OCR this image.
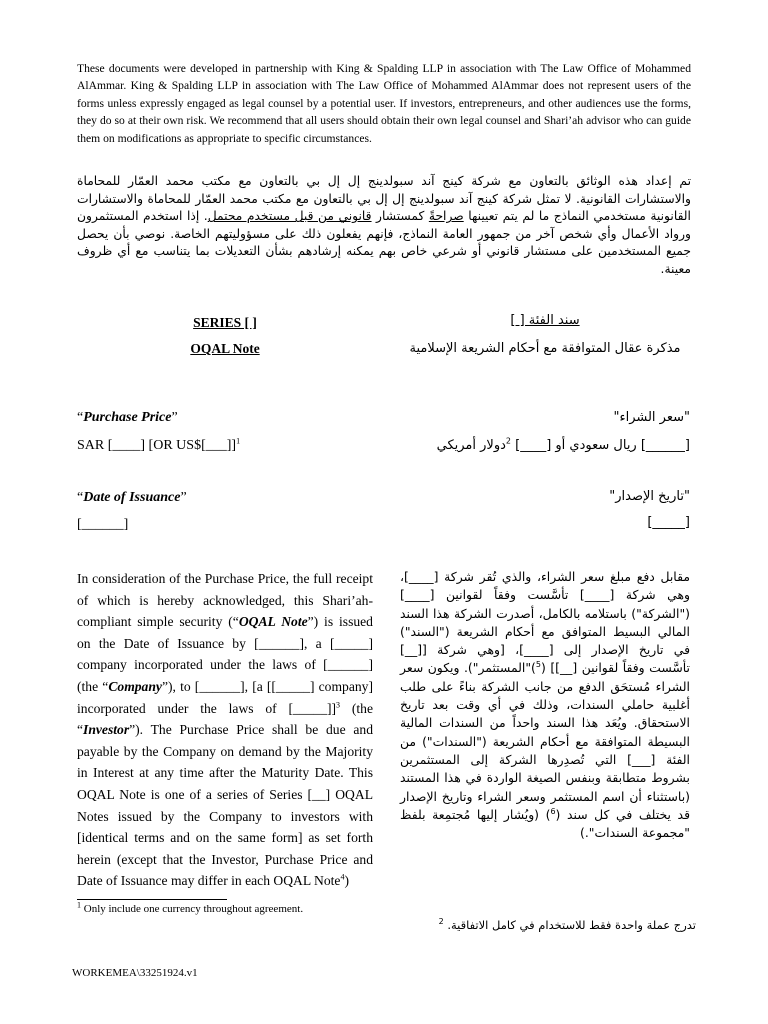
These documents were developed in partnership with King & Spalding LLP in association with The Law Office of Mohammed AlAmmar. King & Spalding LLP in association with The Law Office of Mohammed AlAmmar does not represent users of the forms unless expressly engaged as legal counsel by a potential user. If investors, entrepreneurs, and other audiences use the forms, they do so at their own risk. We recommend that all users should obtain their own legal counsel and Shari’ah advisor who can guide them on modifications as appropriate to specific circumstances.
تم إعداد هذه الوثائق بالتعاون مع شركة كينج آند سبولدينج إل إل بي بالتعاون مع مكتب محمد العمّار للمحاماة والاستشارات القانونية. لا تمثل شركة كينج آند سبولدينج إل إل بي بالتعاون مع مكتب محمد العمّار للمحاماة والاستشارات القانونية مستخدمي النماذج ما لم يتم تعيينها صراحةً كمستشار قانوني من قبل مستخدم محتمل. إذا استخدم المستثمرون ورواد الأعمال وأي شخص آخر من جمهور العامة النماذج، فإنهم يفعلون ذلك على مسؤوليتهم الخاصة. نوصي بأن يحصل جميع المستخدمين على مستشار قانوني أو شرعي خاص بهم يمكنه إرشادهم بشأن التعديلات بما يتناسب مع أي ظروف معينة.
SERIES [ ]
OQAL Note
سند الفئة [ ]
مذكرة عقال المتوافقة مع أحكام الشريعة الإسلامية
“Purchase Price”
SAR [____] [OR US$[___]]$^1$
"سعر الشراء"
[______] ريال سعودي أو [____] $^2$دولار أمريكي
“Date of Issuance”
[______]
"تاريخ الإصدار"
[_____]
In consideration of the Purchase Price, the full receipt of which is hereby acknowledged, this Shari’ah-compliant simple security (“OQAL Note”) is issued on the Date of Issuance by [______], a [_____] company incorporated under the laws of [______] (the “Company”), to [______], [a [[_____] company] incorporated under the laws of [_____]]$^3$ (the “Investor”). The Purchase Price shall be due and payable by the Company on demand by the Majority in Interest at any time after the Maturity Date. This OQAL Note is one of a series of Series [__] OQAL Notes issued by the Company to investors with [identical terms and on the same form] as set forth herein (except that the Investor, Purchase Price and Date of Issuance may differ in each OQAL Note$^4$)
مقابل دفع مبلغ سعر الشراء، والذي تُقر شركة [____]، وهي شركة [____] تأسَّست وفقاً لقوانين [____] ("الشركة") باستلامه بالكامل، أصدرت الشركة هذا السند المالي البسيط المتوافق مع أحكام الشريعة ("السند") في تاريخ الإصدار إلى [____]، [وهي شركة [[__] تأسَّست وفقاً لقوانين [__]] ($^5$)"المستثمر"). ويكون سعر الشراء مُستحَق الدفع من جانب الشركة بناءً على طلب أغلبية حاملي السندات، وذلك في أي وقت بعد تاريخ الاستحقاق. ويُعَد هذا السند واحداً من السندات المالية البسيطة المتوافقة مع أحكام الشريعة ("السندات") من الفئة [___] التي تُصدِرها الشركة إلى المستثمرين بشروط متطابقة وبنفس الصيغة الواردة في هذا المستند (باستثناء أن اسم المستثمر وسعر الشراء وتاريخ الإصدار قد يختلف في كل سند ($^6$) (ويُشار إليها مُجتمِعة بلفظ "مجموعة السندات".)
$^1$ Only include one currency throughout agreement.
تدرج عملة واحدة فقط للاستخدام في كامل الاتفاقية. $^2$
WORKEMEA\33251924.v1
